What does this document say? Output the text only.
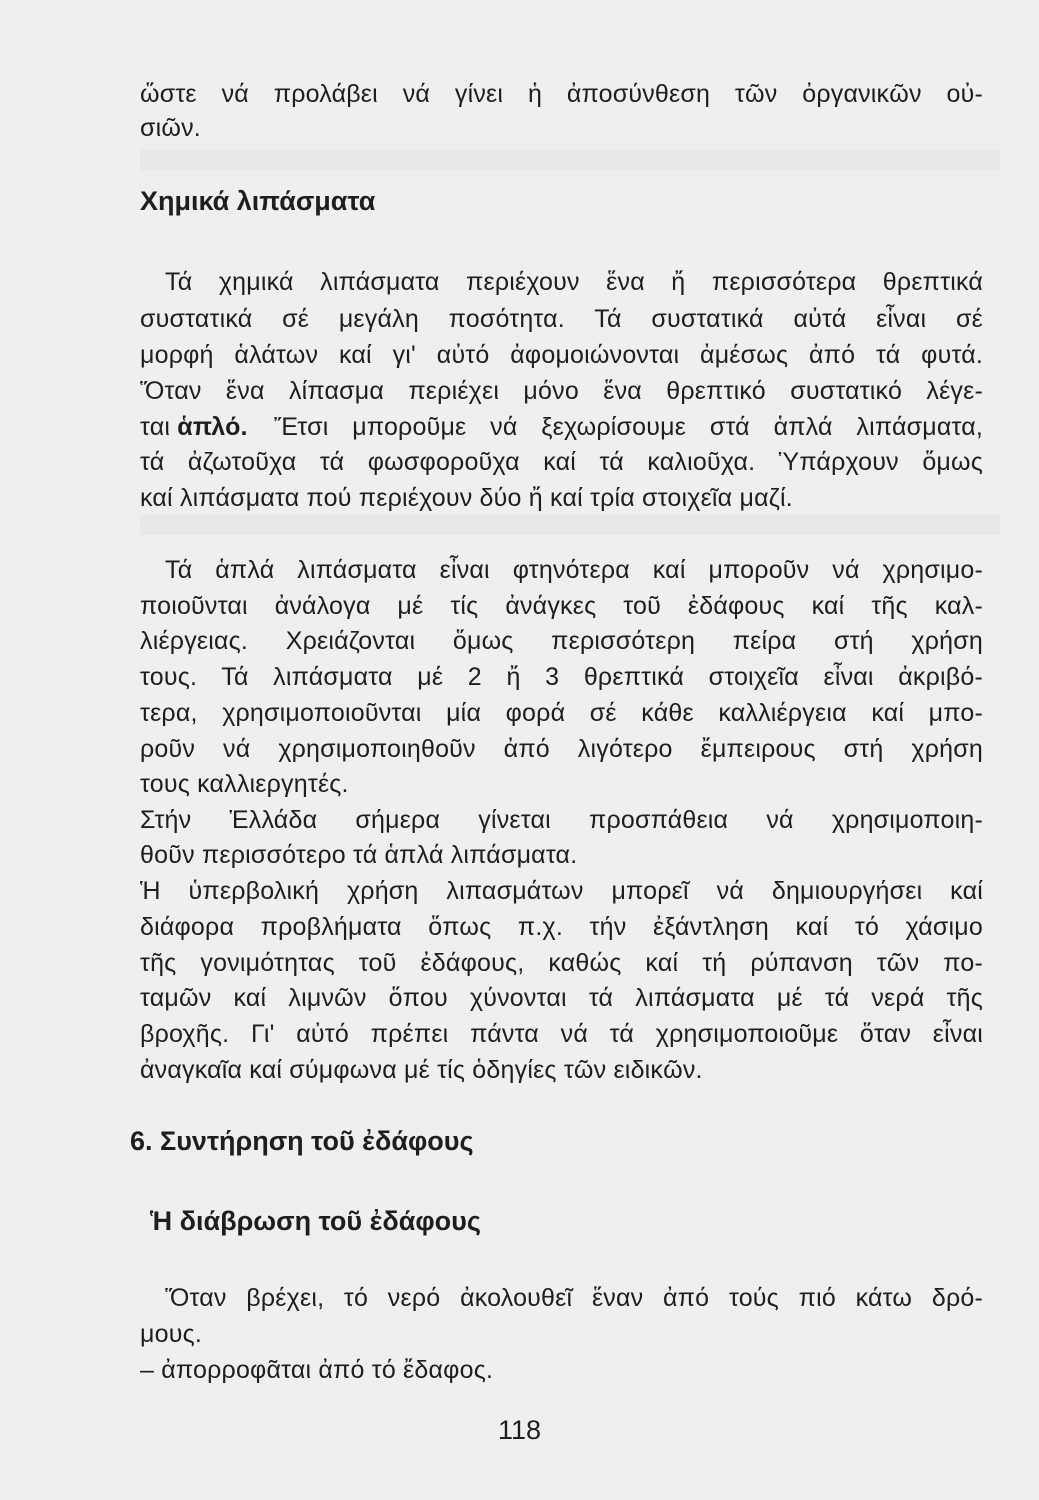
ὥστε νά προλάβει νά γίνει ἡ ἀποσύνθεση τῶν ὀργανικῶν οὐ-
σιῶν.
Χημικά λιπάσματα
Τά χημικά λιπάσματα περιέχουν ἕνα ἤ περισσότερα θρεπτικά
συστατικά σέ μεγάλη ποσότητα. Τά συστατικά αὐτά εἶναι σέ
μορφή ἁλάτων καί γι' αὐτό ἀφομοιώνονται ἀμέσως ἀπό τά φυτά.
Ὅταν ἕνα λίπασμα περιέχει μόνο ἕνα θρεπτικό συστατικό λέγε-
ται ἁπλό. Ἔτσι μποροῦμε νά ξεχωρίσουμε στά ἁπλά λιπάσματα,
τά ἀζωτοῦχα τά φωσφοροῦχα καί τά καλιοῦχα. Ὑπάρχουν ὅμως
καί λιπάσματα πού περιέχουν δύο ἤ καί τρία στοιχεῖα μαζί.
Τά ἁπλά λιπάσματα εἶναι φτηνότερα καί μποροῦν νά χρησιμο-
ποιοῦνται ἀνάλογα μέ τίς ἀνάγκες τοῦ ἐδάφους καί τῆς καλ-
λιέργειας. Χρειάζονται ὅμως περισσότερη πείρα στή χρήση
τους. Τά λιπάσματα μέ 2 ἤ 3 θρεπτικά στοιχεῖα εἶναι ἀκριβό-
τερα, χρησιμοποιοῦνται μία φορά σέ κάθε καλλιέργεια καί μπο-
ροῦν νά χρησιμοποιηθοῦν ἀπό λιγότερο ἔμπειρους στή χρήση
τους καλλιεργητές.
Στήν Ἑλλάδα σήμερα γίνεται προσπάθεια νά χρησιμοποιη-
θοῦν περισσότερο τά ἁπλά λιπάσματα.
Ἡ ὑπερβολική χρήση λιπασμάτων μπορεῖ νά δημιουργήσει καί
διάφορα προβλήματα ὅπως π.χ. τήν ἐξάντληση καί τό χάσιμο
τῆς γονιμότητας τοῦ ἐδάφους, καθώς καί τή ρύπανση τῶν πο-
ταμῶν καί λιμνῶν ὅπου χύνονται τά λιπάσματα μέ τά νερά τῆς
βροχῆς. Γι' αὐτό πρέπει πάντα νά τά χρησιμοποιοῦμε ὅταν εἶναι
ἀναγκαῖα καί σύμφωνα μέ τίς ὁδηγίες τῶν ειδικῶν.
6. Συντήρηση τοῦ ἐδάφους
Ἡ διάβρωση τοῦ ἐδάφους
Ὅταν βρέχει, τό νερό ἀκολουθεῖ ἕναν ἀπό τούς πιό κάτω δρό-
μους.
– ἀπορροφᾶται ἀπό τό ἔδαφος.
118
